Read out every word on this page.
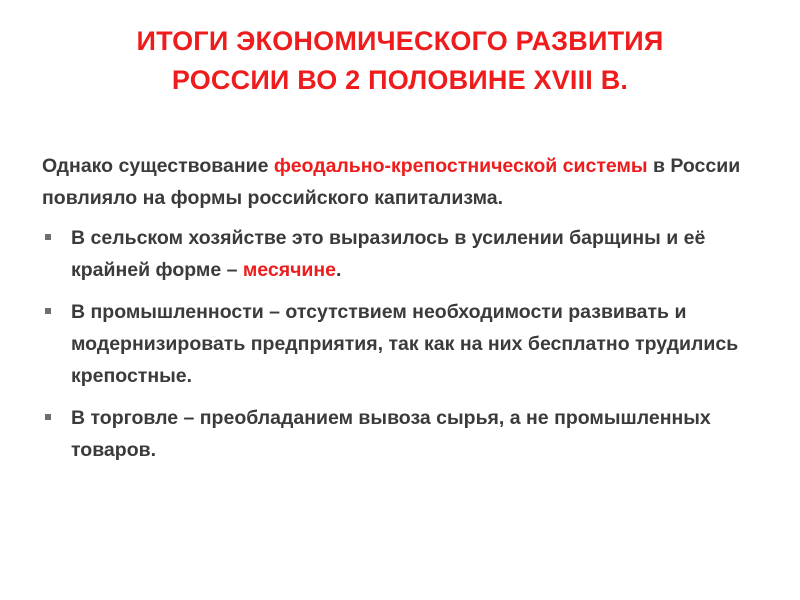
ИТОГИ ЭКОНОМИЧЕСКОГО РАЗВИТИЯ
РОССИИ ВО 2 ПОЛОВИНЕ XVIII В.

Однако существование феодально-крепостнической системы в России повлияло на формы российского капитализма.

В сельском хозяйстве это выразилось в усилении барщины и её крайней форме – месячине.
В промышленности – отсутствием необходимости развивать и модернизировать предприятия, так как на них бесплатно трудились крепостные.
В торговле – преобладанием вывоза сырья, а не промышленных товаров.
